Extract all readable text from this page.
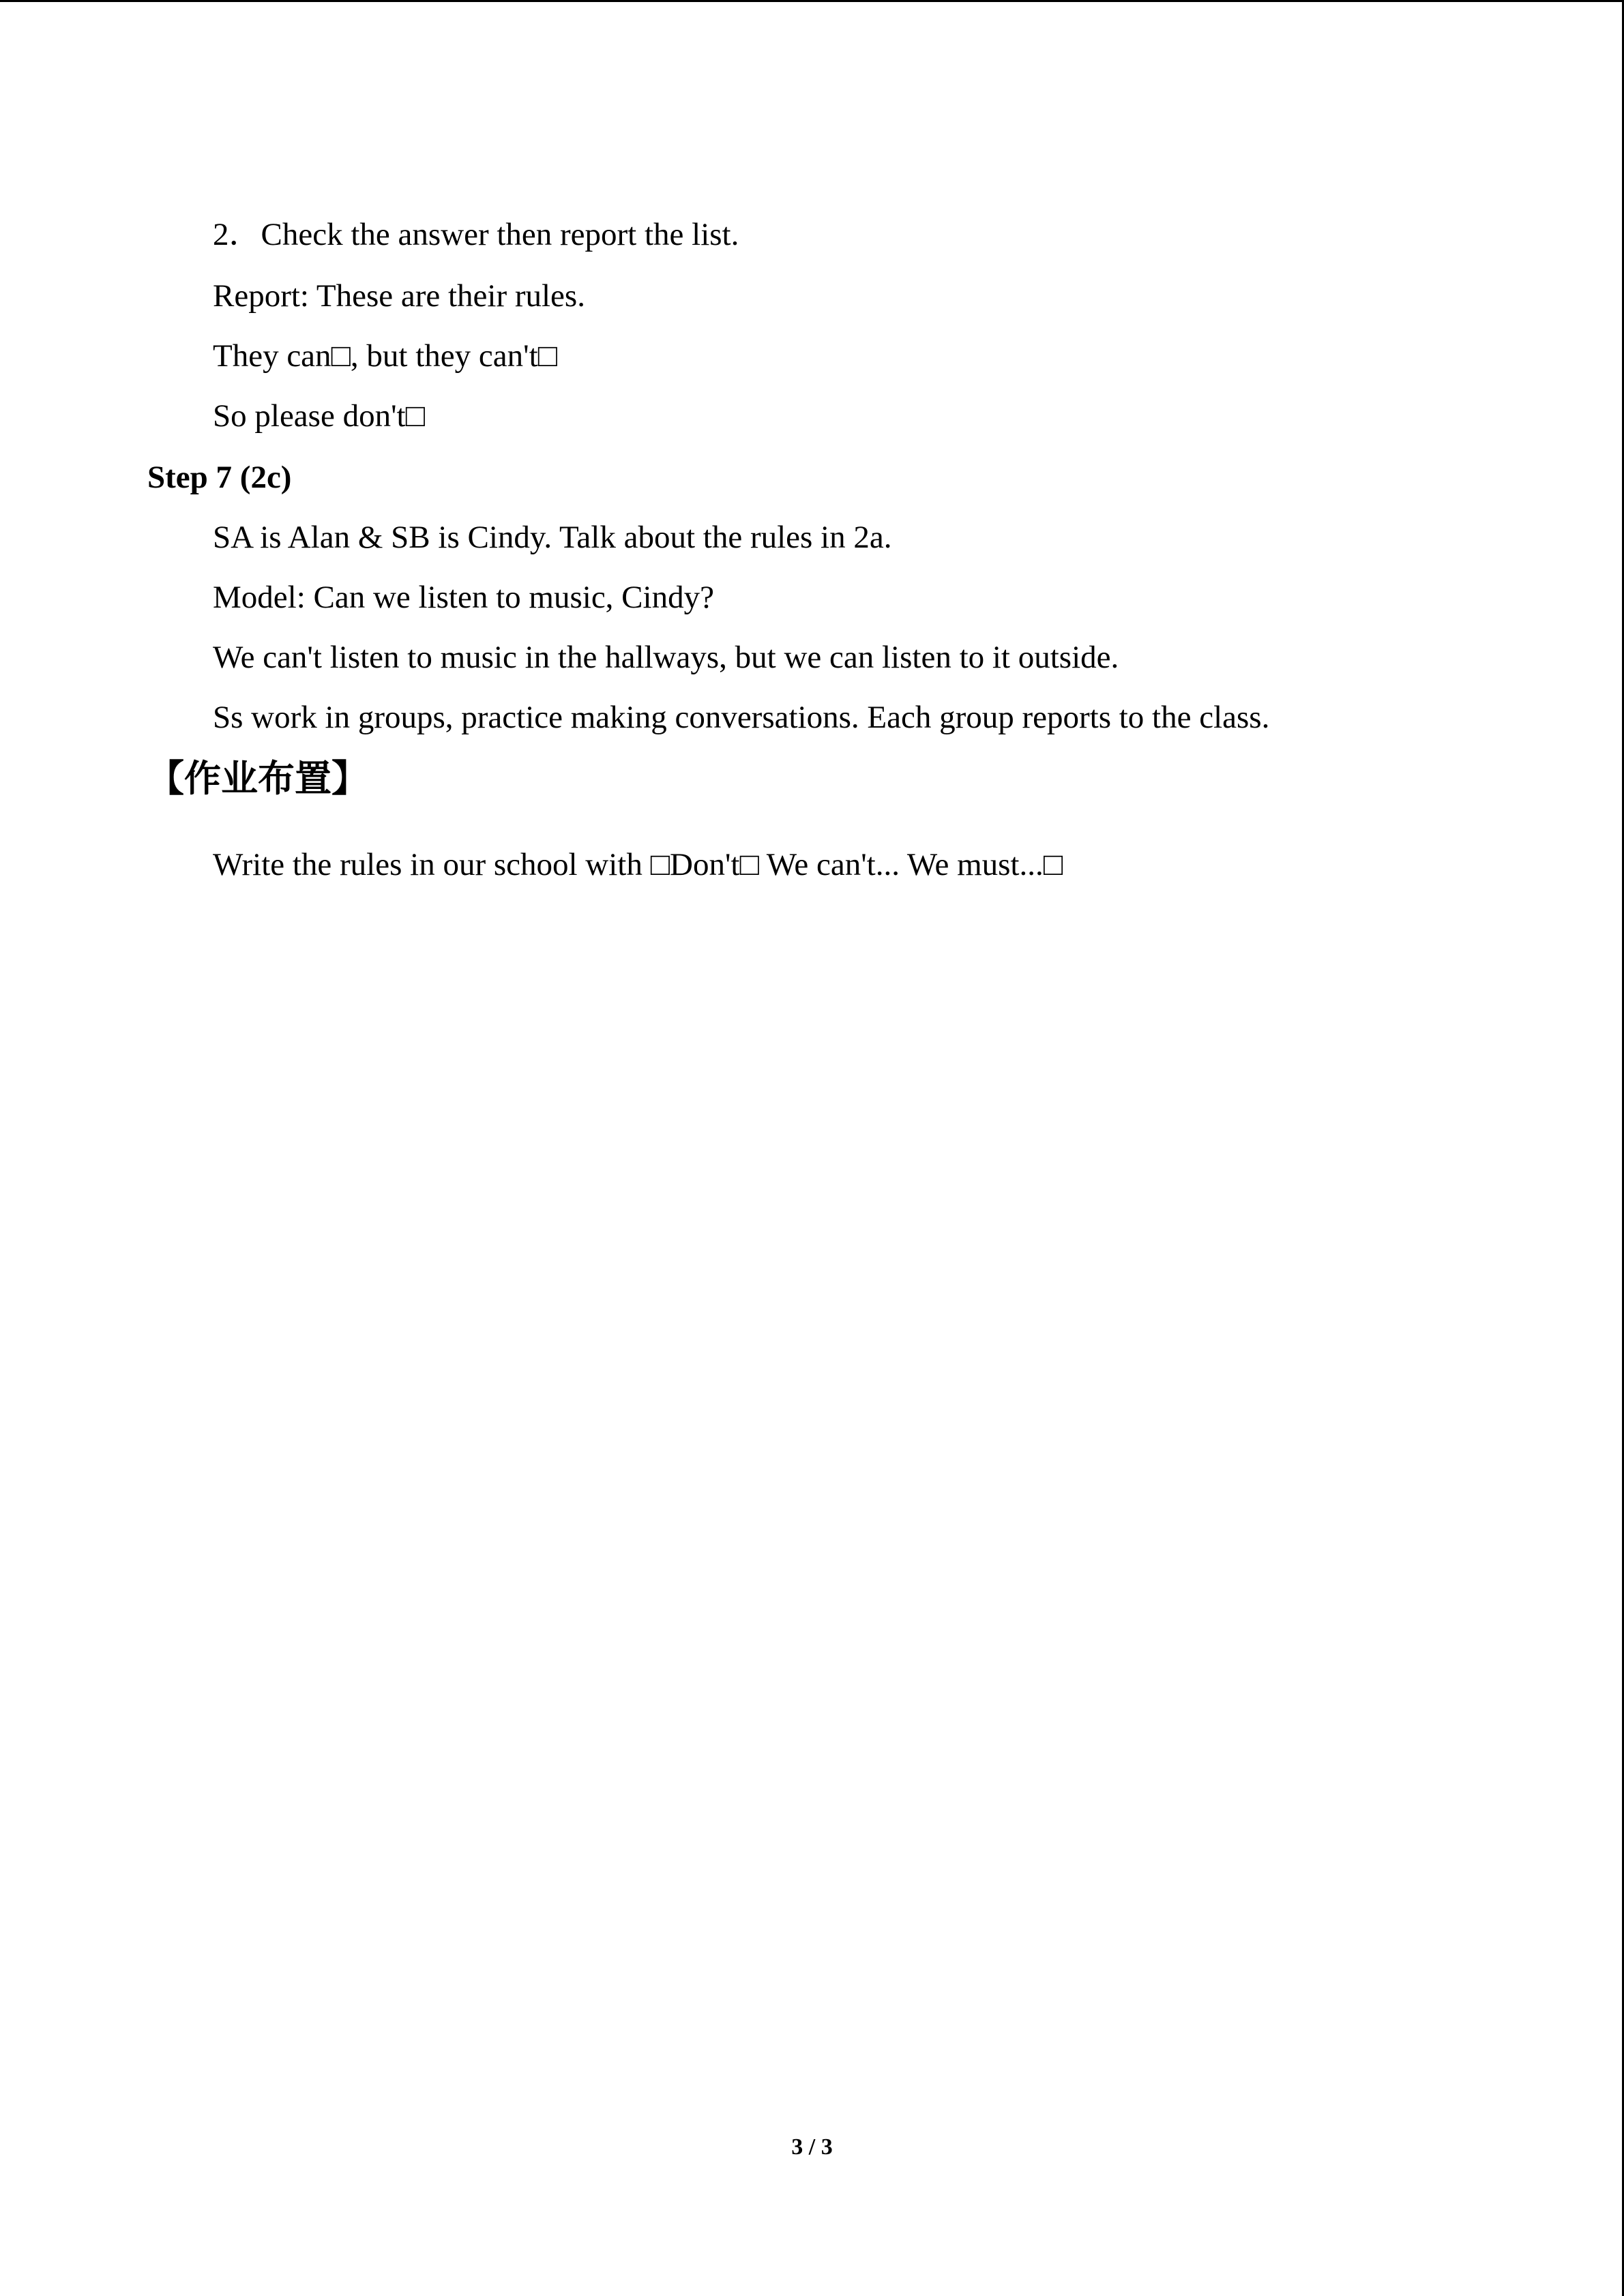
2．Check the answer then report the list.
Report: These are their rules.
They can□, but they can't□
So please don't□
Step 7 (2c)
SA is Alan & SB is Cindy. Talk about the rules in 2a.
Model: Can we listen to music, Cindy?
We can't listen to music in the hallways, but we can listen to it outside.
Ss work in groups, practice making conversations. Each group reports to the class.
【作业布置】
Write the rules in our school with □Don't□ We can't... We must...□
3 / 3
